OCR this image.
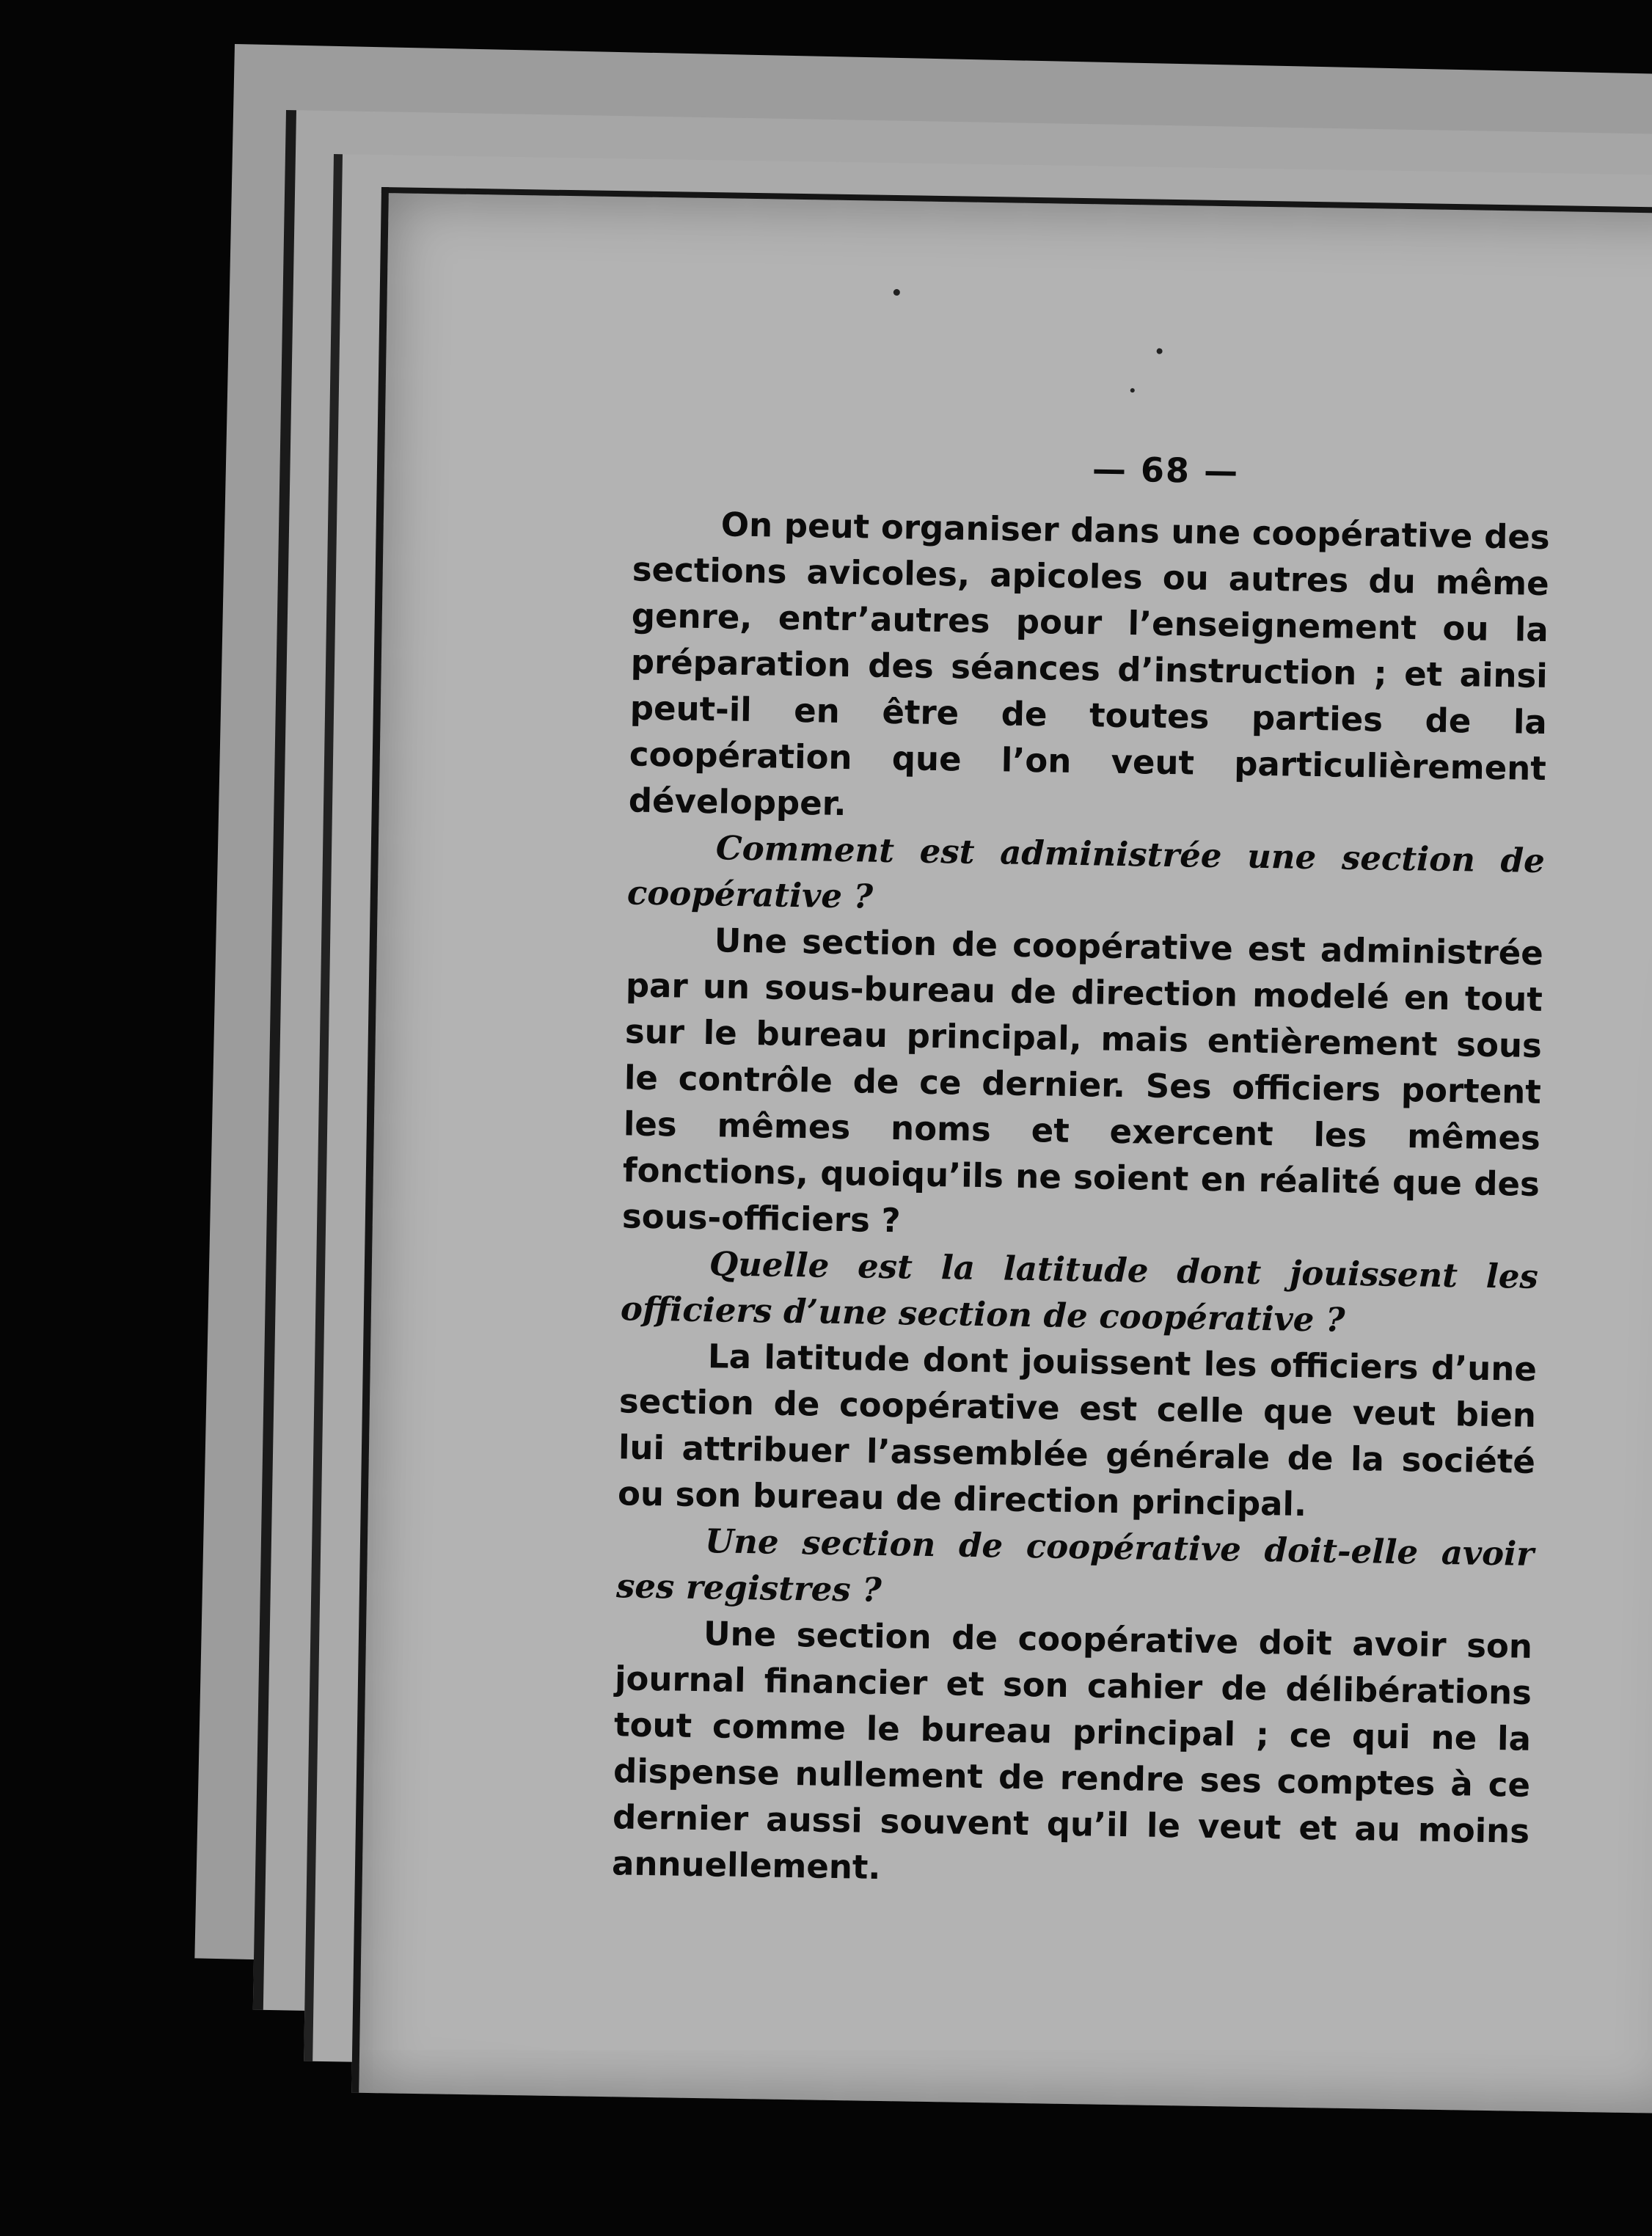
— 68 —

On peut organiser dans une coopérative des sections avicoles, apicoles ou autres du même genre, entr’autres pour l’enseignement ou la préparation des séances d’instruction ; et ainsi peut-il en être de toutes parties de la coopération que l’on veut particulièrement développer.

Comment est administrée une section de coopérative ?

Une section de coopérative est administrée par un sous-bureau de direction modelé en tout sur le bureau principal, mais entièrement sous le contrôle de ce dernier. Ses officiers portent les mêmes noms et exercent les mêmes fonctions, quoiqu’ils ne soient en réalité que des sous-officiers ?

Quelle est la latitude dont jouissent les officiers d’une section de coopérative ?

La latitude dont jouissent les officiers d’une section de coopérative est celle que veut bien lui attribuer l’assemblée générale de la société ou son bureau de direction principal.

Une section de coopérative doit-elle avoir ses registres ?

Une section de coopérative doit avoir son journal financier et son cahier de délibérations tout comme le bureau principal ; ce qui ne la dispense nullement de rendre ses comptes à ce dernier aussi souvent qu’il le veut et au moins annuellement.
